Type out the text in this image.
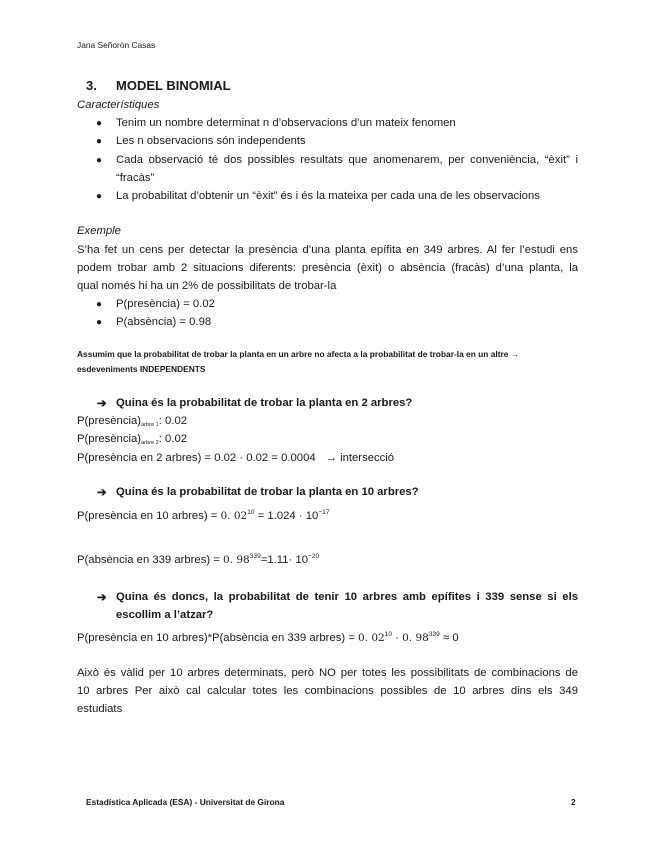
Jana Señorón Casas
3. MODEL BINOMIAL
Característiques
● Tenim un nombre determinat n d’observacions d’un mateix fenomen
● Les n observacions són independents
● Cada observació té dos possibles resultats que anomenarem, per conveniència, “èxit” i
“fracàs”
● La probabilitat d’obtenir un “èxit” és i és la mateixa per cada una de les observacions
Exemple
S’ha fet un cens per detectar la presència d’una planta epífita en 349 arbres. Al fer l’estudi ens
podem trobar amb 2 situacions diferents: presència (èxit) o absència (fracàs) d’una planta, la
qual només hi ha un 2% de possibilitats de trobar-la
● P(presència) = 0.02
● P(absència) = 0.98
Assumim que la probabilitat de trobar la planta en un arbre no afecta a la probabilitat de trobar-la en un altre →
esdeveniments INDEPENDENTS
➔ Quina és la probabilitat de trobar la planta en 2 arbres?
$P(presència)_{arbre 1}$: 0.02
$P(presència)_{arbre 2}$: 0.02
P(presència en 2 arbres) = 0.02 · 0.02 = 0.0004 → intersecció
➔ Quina és la probabilitat de trobar la planta en 10 arbres?
P(presència en 10 arbres) = 0. $02^{10} = 1.024 \cdot 10^{-17}$
P(absència en 339 arbres) = 0. $98^{339}=1.11\cdot 10^{-20}$
➔ Quina és doncs, la probabilitat de tenir 10 arbres amb epífites i 339 sense si els
escollim a l’atzar?
P(presència en 10 arbres)*P(absència en 339 arbres) = 0. $02^{10} \cdot 0$. $98^{339} \approx 0$
Això és vàlid per 10 arbres determinats, però NO per totes les possibilitats de combinacions de
10 arbres Per això cal calcular totes les combinacions possibles de 10 arbres dins els 349
estudiats
Estadística Aplicada (ESA) - Universitat de Girona	2
